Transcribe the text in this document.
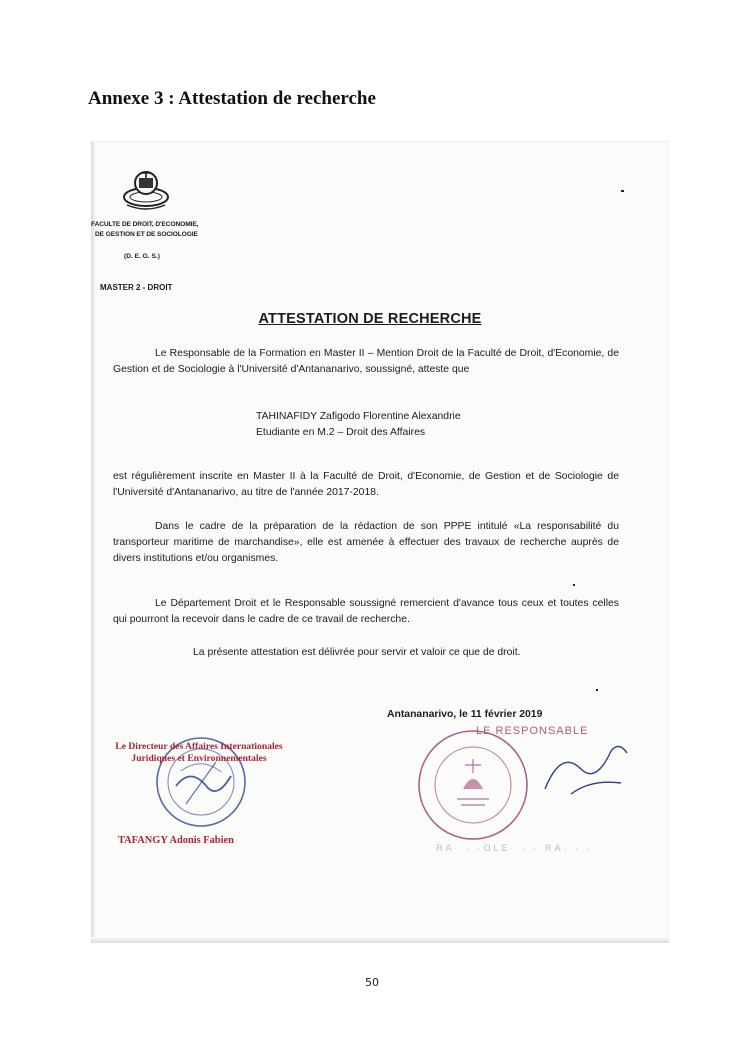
Annexe 3 : Attestation de recherche
FACULTE DE DROIT, D'ECONOMIE,
DE GESTION ET DE SOCIOLOGIE
(D. E. G. S.)
MASTER 2 - DROIT
ATTESTATION DE RECHERCHE
Le Responsable de la Formation en Master II – Mention Droit de la Faculté de Droit, d'Economie, de Gestion et de Sociologie à l'Université d'Antananarivo, soussigné, atteste que
TAHINAFIDY Zafigodo Florentine Alexandrie
Etudiante en M.2 – Droit des Affaires
est régulièrement inscrite en Master II à la Faculté de Droit, d'Economie, de Gestion et de Sociologie de l'Université d'Antananarivo, au titre de l'année 2017-2018.
Dans le cadre de la préparation de la rédaction de son PPPE intitulé «La responsabilité du transporteur maritime de marchandise», elle est amenée à effectuer des travaux de recherche auprès de divers institutions et/ou organismes.
Le Département Droit et le Responsable soussigné remercient d'avance tous ceux et toutes celles qui pourront la recevoir dans le cadre de ce travail de recherche.
La présente attestation est délivrée pour servir et valoir ce que de droit.
Antananarivo, le 11 février 2019
Le Directeur des Affaires Internationales
Juridiques et Environnementales
TAFANGY Adonis Fabien
LE RESPONSABLE
RA· · ·OLE· · · RA· · ·
50
